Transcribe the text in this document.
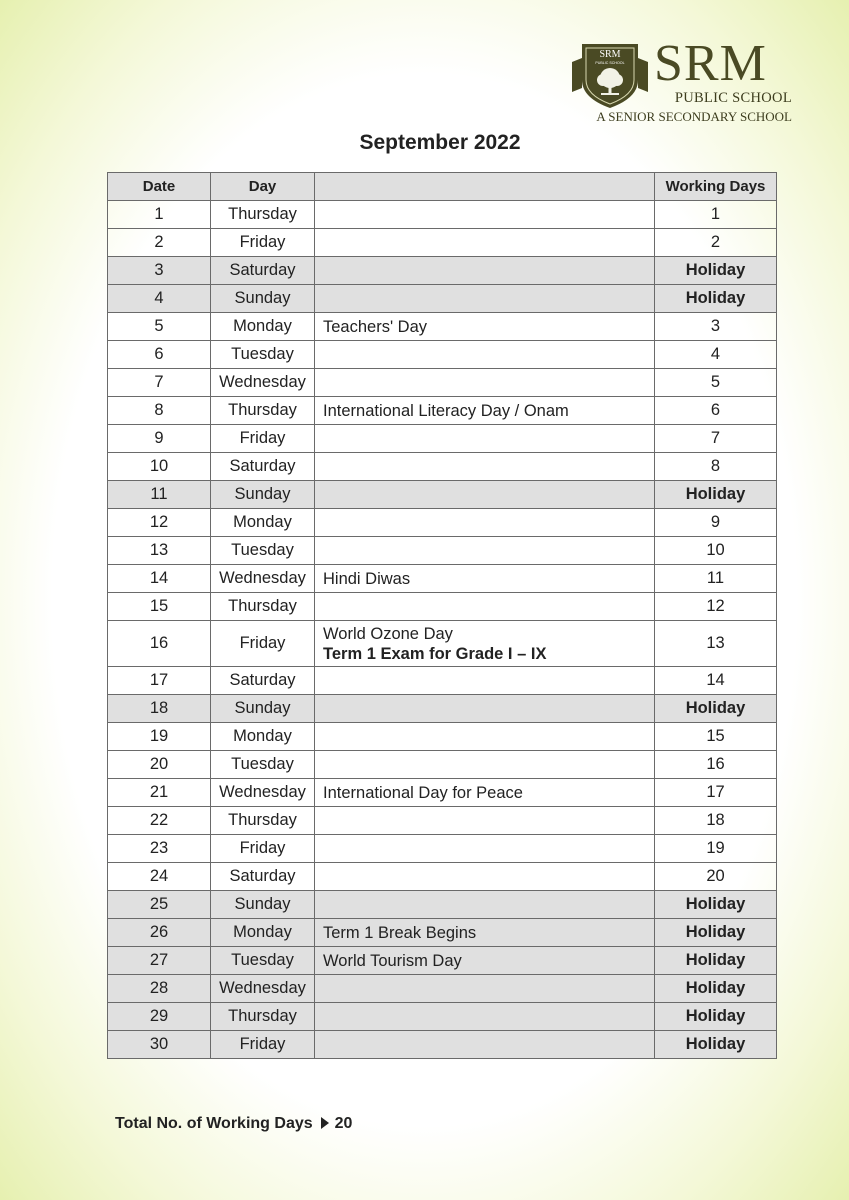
SRM
PUBLIC SCHOOL SRM
PUBLIC SCHOOL
A SENIOR SECONDARY SCHOOL
September 2022
Date	Day		Working Days
1	Thursday		1
2	Friday		2
3	Saturday		Holiday
4	Sunday		Holiday
5	Monday	Teachers' Day	3
6	Tuesday		4
7	Wednesday		5
8	Thursday	International Literacy Day / Onam	6
9	Friday		7
10	Saturday		8
11	Sunday		Holiday
12	Monday		9
13	Tuesday		10
14	Wednesday	Hindi Diwas	11
15	Thursday		12
16	Friday	World Ozone Day
Term 1 Exam for Grade I – IX	13
17	Saturday		14
18	Sunday		Holiday
19	Monday		15
20	Tuesday		16
21	Wednesday	International Day for Peace	17
22	Thursday		18
23	Friday		19
24	Saturday		20
25	Sunday		Holiday
26	Monday	Term 1 Break Begins	Holiday
27	Tuesday	World Tourism Day	Holiday
28	Wednesday		Holiday
29	Thursday		Holiday
30	Friday		Holiday
Total No. of Working Days 20
